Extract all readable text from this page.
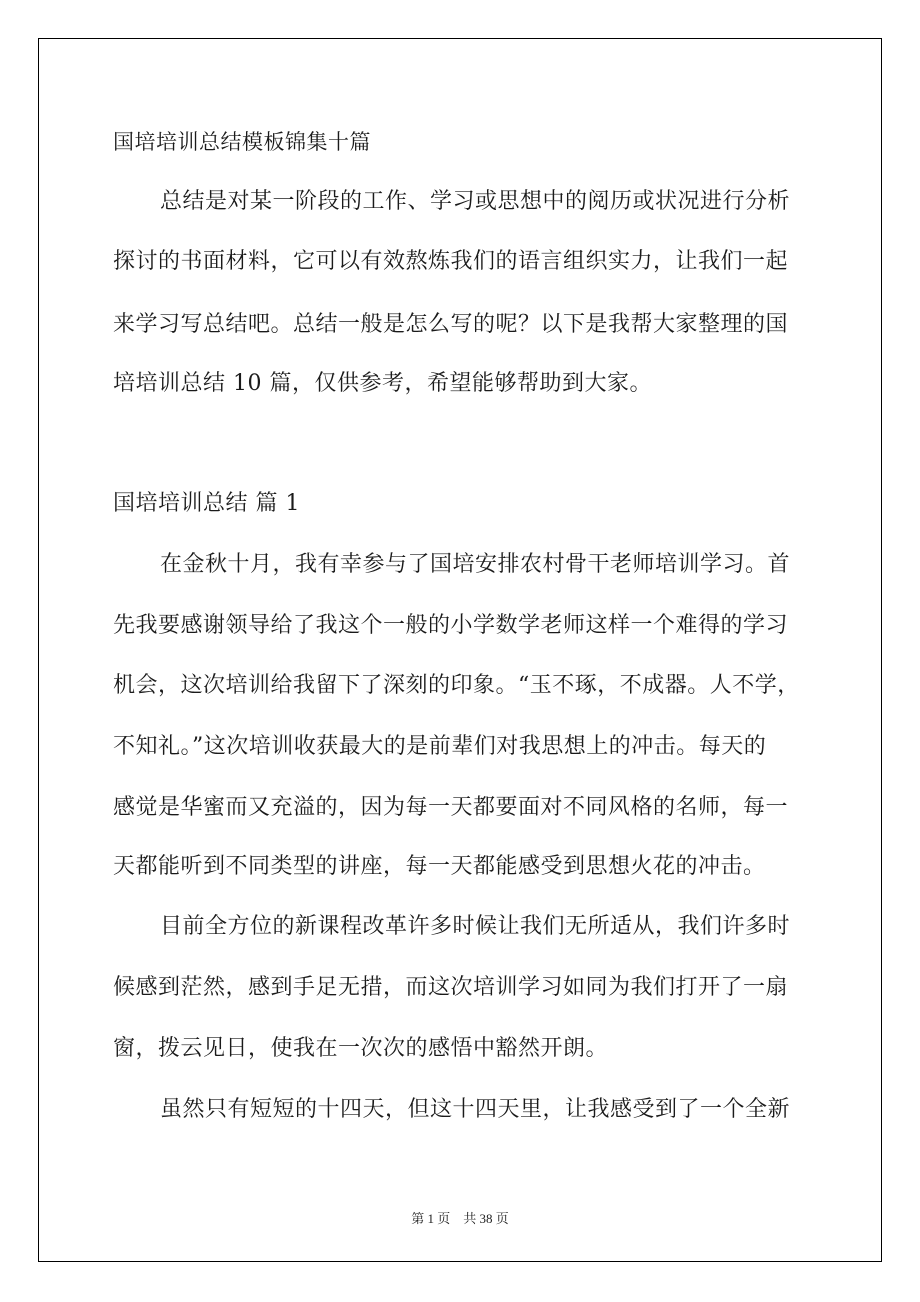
国培培训总结模板锦集十篇
总结是对某一阶段的工作、学习或思想中的阅历或状况进行分析
探讨的书面材料，它可以有效熬炼我们的语言组织实力，让我们一起
来学习写总结吧。总结一般是怎么写的呢？以下是我帮大家整理的国
培培训总结 10 篇，仅供参考，希望能够帮助到大家。
国培培训总结 篇 1
在金秋十月，我有幸参与了国培安排农村骨干老师培训学习。首
先我要感谢领导给了我这个一般的小学数学老师这样一个难得的学习
机会，这次培训给我留下了深刻的印象。“玉不琢，不成器。人不学，
不知礼。”这次培训收获最大的是前辈们对我思想上的冲击。每天的
感觉是华蜜而又充溢的，因为每一天都要面对不同风格的名师，每一
天都能听到不同类型的讲座，每一天都能感受到思想火花的冲击。
目前全方位的新课程改革许多时候让我们无所适从，我们许多时
候感到茫然，感到手足无措，而这次培训学习如同为我们打开了一扇
窗，拨云见日，使我在一次次的感悟中豁然开朗。
虽然只有短短的十四天，但这十四天里，让我感受到了一个全新
第 1 页    共 38 页
